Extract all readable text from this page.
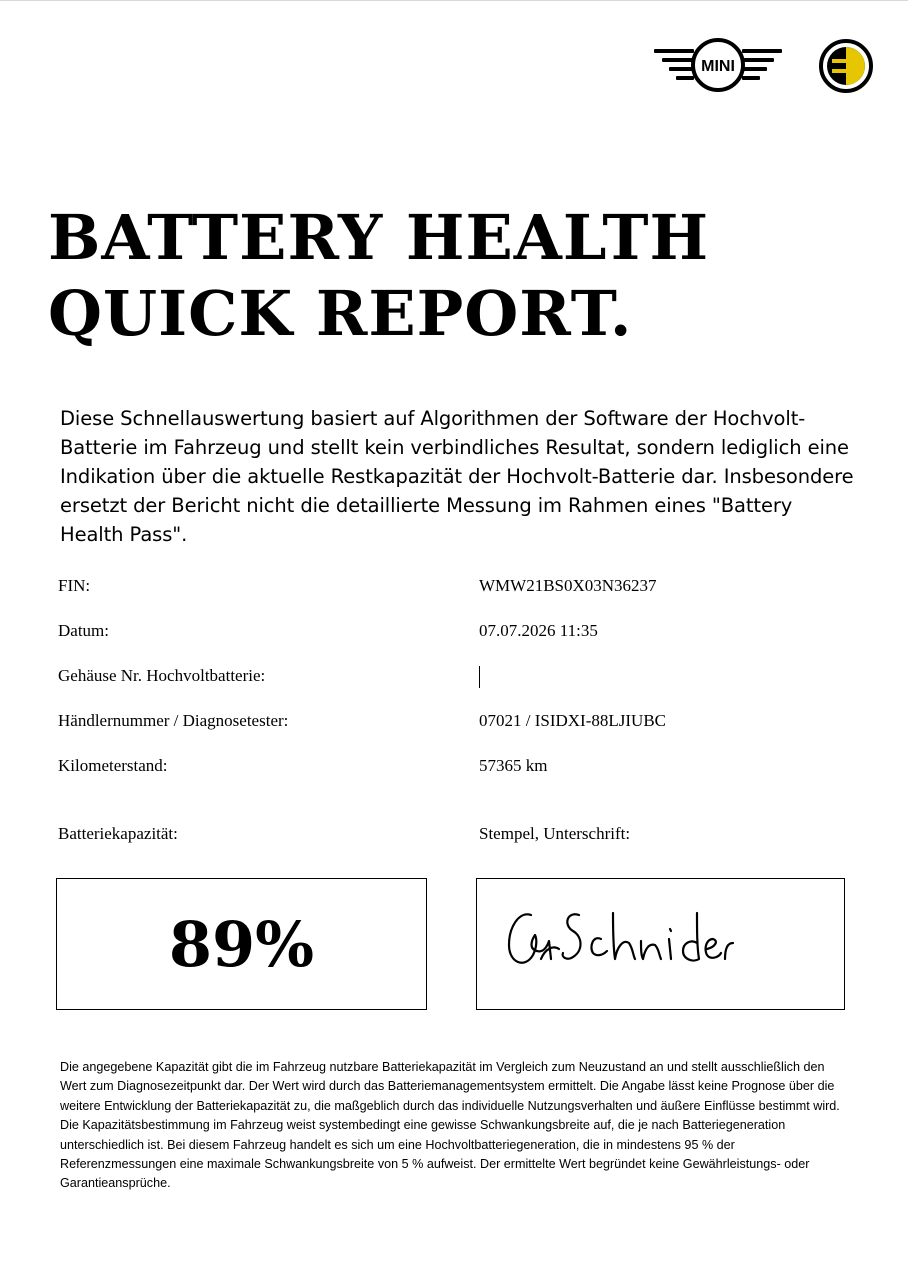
MINI
BATTERY HEALTH
QUICK REPORT.

Diese Schnellauswertung basiert auf Algorithmen der Software der Hochvolt-Batterie im Fahrzeug und stellt kein verbindliches Resultat, sondern lediglich eine Indikation über die aktuelle Restkapazität der Hochvolt-Batterie dar. Insbesondere ersetzt der Bericht nicht die detaillierte Messung im Rahmen eines "Battery Health Pass".

FIN:	WMW21BS0X03N36237
Datum:	07.07.2026 11:35
Gehäuse Nr. Hochvoltbatterie:
Händlernummer / Diagnosetester:	07021 / ISIDXI-88LJIUBC
Kilometerstand:	57365 km
Batteriekapazität:	Stempel, Unterschrift:
89%

Die angegebene Kapazität gibt die im Fahrzeug nutzbare Batteriekapazität im Vergleich zum Neuzustand an und stellt ausschließlich den Wert zum Diagnosezeitpunkt dar. Der Wert wird durch das Batteriemanagementsystem ermittelt. Die Angabe lässt keine Prognose über die weitere Entwicklung der Batteriekapazität zu, die maßgeblich durch das individuelle Nutzungsverhalten und äußere Einflüsse bestimmt wird. Die Kapazitätsbestimmung im Fahrzeug weist systembedingt eine gewisse Schwankungsbreite auf, die je nach Batteriegeneration unterschiedlich ist. Bei diesem Fahrzeug handelt es sich um eine Hochvoltbatteriegeneration, die in mindestens 95 % der Referenzmessungen eine maximale Schwankungsbreite von 5 % aufweist. Der ermittelte Wert begründet keine Gewährleistungs- oder Garantieansprüche.
